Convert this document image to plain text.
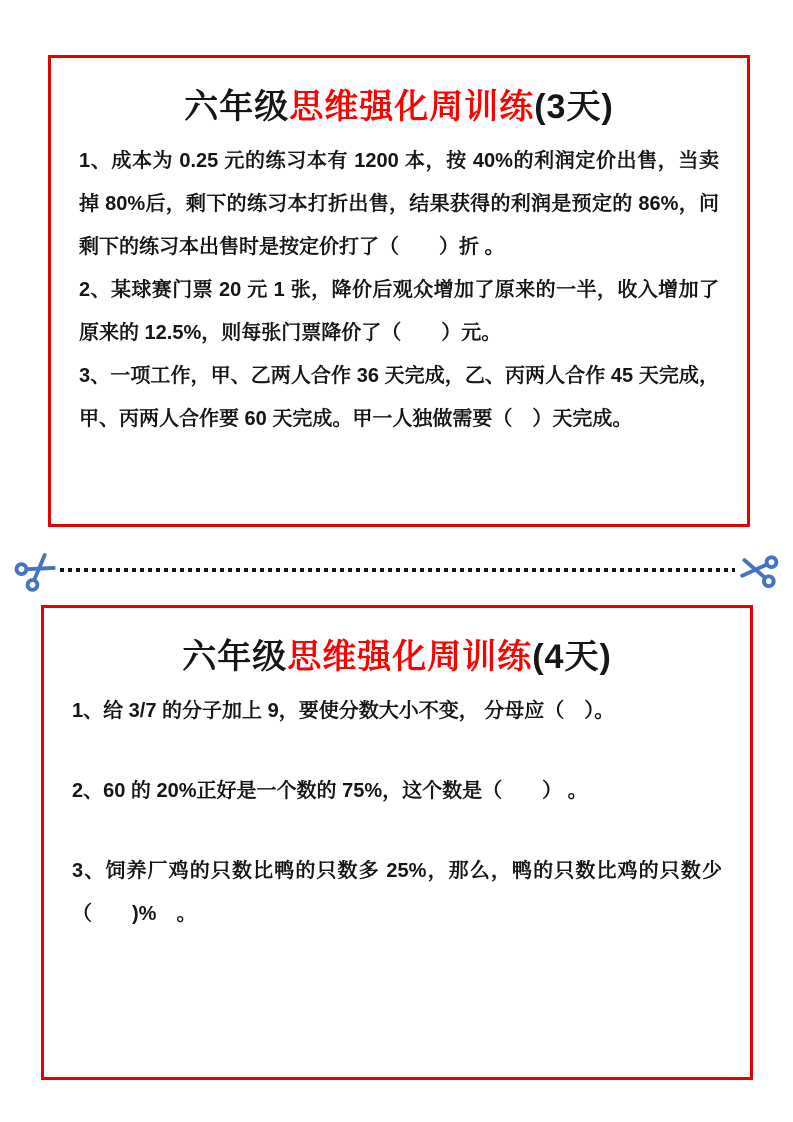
六年级思维强化周训练(3天)

1、成本为 0.25 元的练习本有 1200 本，按 40%的利润定价出售，当卖掉 80%后，剩下的练习本打折出售，结果获得的利润是预定的 86%，问剩下的练习本出售时是按定价打了（　　）折 。

2、某球赛门票 20 元 1 张，降价后观众增加了原来的一半，收入增加了原来的 12.5%，则每张门票降价了（　　）元。

3、一项工作，甲、乙两人合作 36 天完成，乙、丙两人合作 45 天完成，甲、丙两人合作要 60 天完成。甲一人独做需要（　）天完成。

六年级思维强化周训练(4天)

1、给 3/7 的分子加上 9，要使分数大小不变， 分母应（　）。

2、60 的 20%正好是一个数的 75%，这个数是（　　） 。

3、饲养厂鸡的只数比鸭的只数多 25%，那么，鸭的只数比鸡的只数少（　　)%　。
